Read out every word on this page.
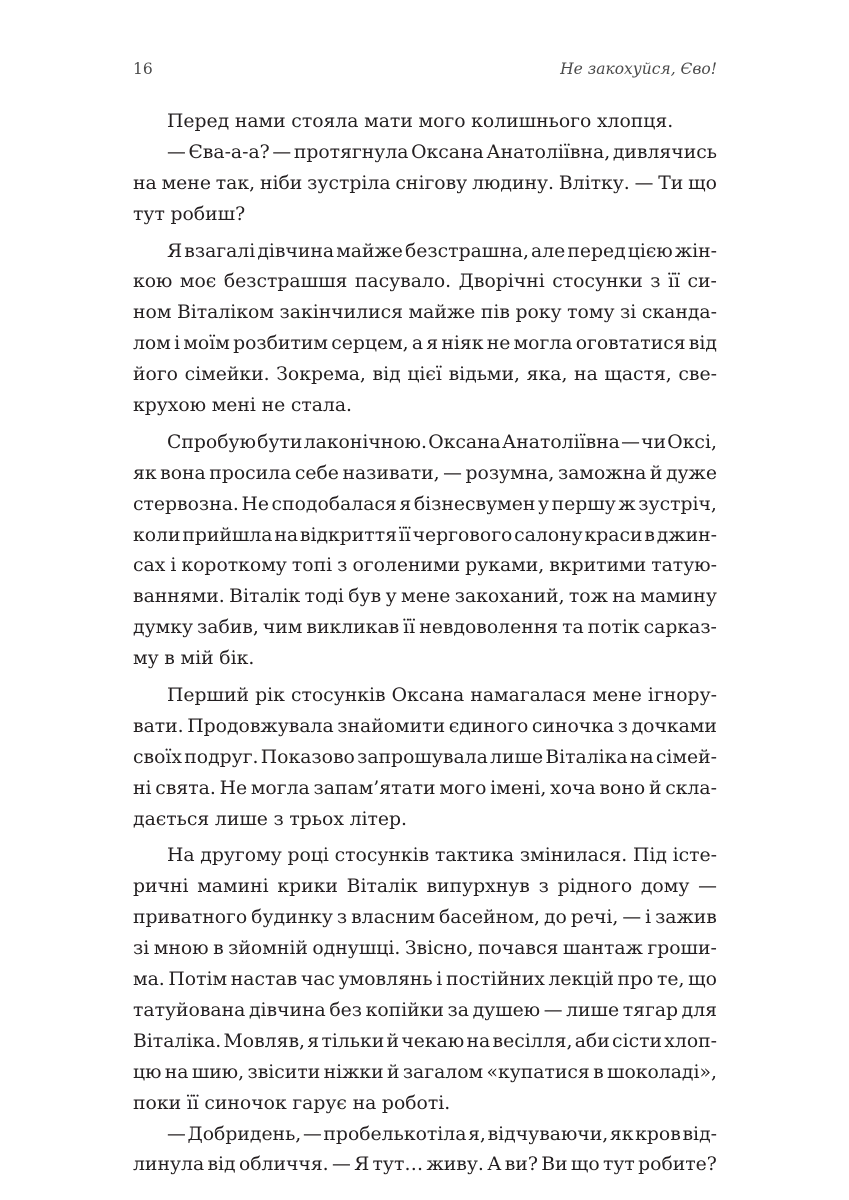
16	Не закохуйся, Єво!
Перед нами стояла мати мого колишнього хлопця.
— Єва-а-а? — протягнула Оксана Анатоліївна, дивлячись
на мене так, ніби зустріла снігову людину. Влітку. — Ти що
тут робиш?
Я взагалі дівчина майже безстрашна, але перед цією жін-
кою моє безстрашшя пасувало. Дворічні стосунки з її си-
ном Віталіком закінчилися майже пів року тому зі скандa-
лом і моїм розбитим серцем, а я ніяк не могла оговтатися від
його сімейки. Зокрема, від цієї відьми, яка, на щастя, све-
крухою мені не стала.
Спробую бути лаконічною. Оксана Анатоліївна — чи Оксі,
як вона просила себе називати, — розумна, заможна й дуже
стервозна. Не сподобалася я бізнесвумен у першу ж зустріч,
коли прийшла на відкриття її чергового салону краси в джин-
сах і короткому топі з оголеними руками, вкритими татую-
ваннями. Віталік тоді був у мене закоханий, тож на мамину
думку забив, чим викликав її невдоволення та потік сарказ-
му в мій бік.
Перший рік стосунків Оксана намагалася мене ігнору-
вати. Продовжувала знайомити єдиного синочка з дочками
своїх подруг. Показово запрошувала лише Віталіка на сімей-
ні свята. Не могла запам’ятати мого імені, хоча воно й скла-
дається лише з трьох літер.
На другому році стосунків тактика змінилася. Під істе-
ричні мамині крики Віталік випурхнув з рідного дому —
приватного будинку з власним басейном, до речі, — і зажив
зі мною в зйомній однушці. Звісно, почався шантаж гроши-
ма. Потім настав час умовлянь і постійних лекцій про те, що
татуйована дівчина без копійки за душею — лише тягар для
Віталіка. Мовляв, я тільки й чекаю на весілля, аби сісти хлоп-
цю на шию, звісити ніжки й загалом «купатися в шоколаді»,
поки її синочок гарує на роботі.
— Добридень, — пробелькотіла я, відчуваючи, як кров від-
линула від обличчя. — Я тут… живу. А ви? Ви що тут робите?
